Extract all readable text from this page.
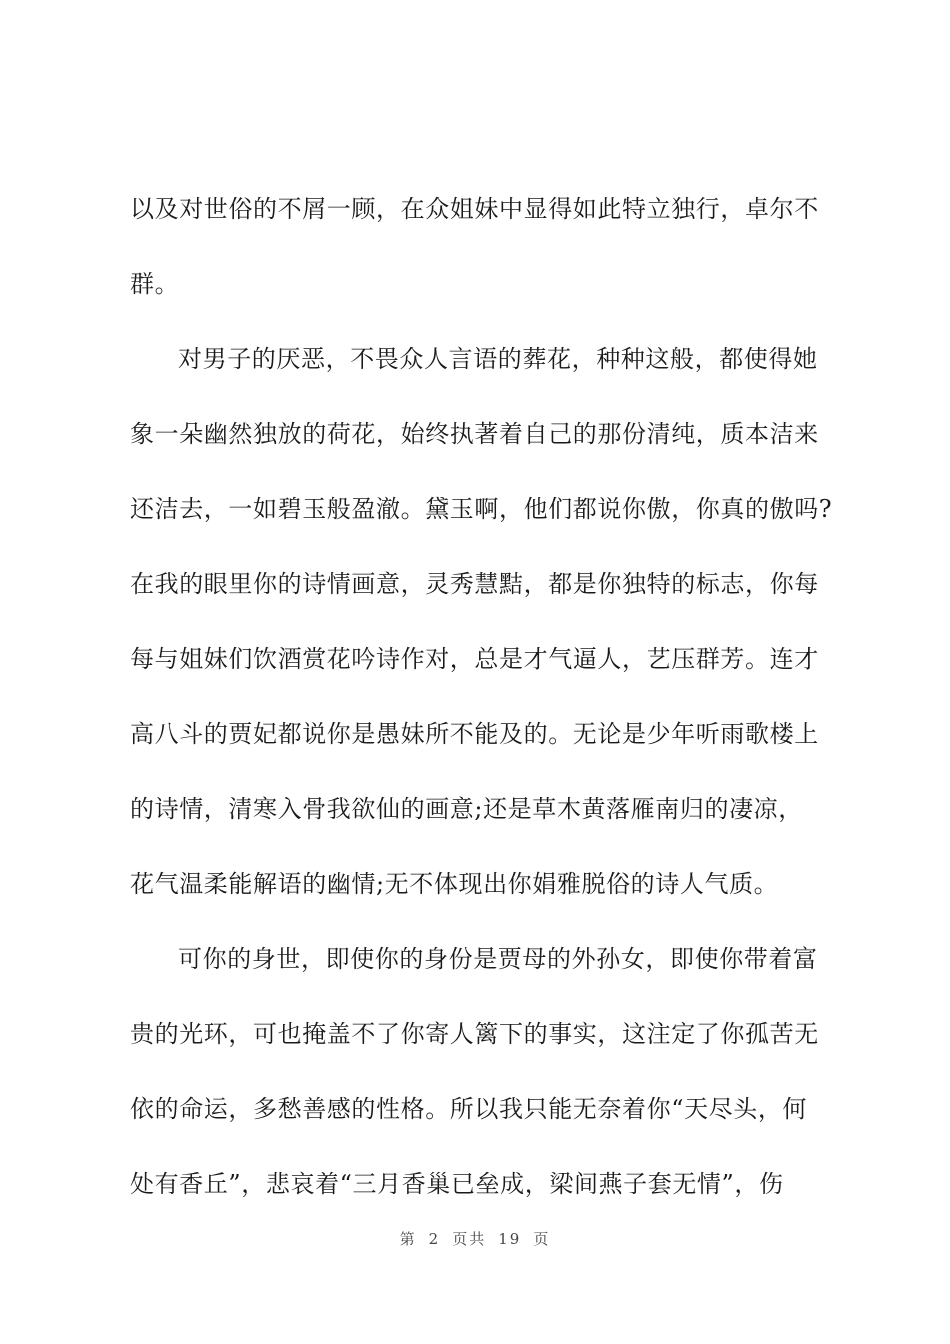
以及对世俗的不屑一顾，在众姐妹中显得如此特立独行，卓尔不
群。
对男子的厌恶，不畏众人言语的葬花，种种这般，都使得她
象一朵幽然独放的荷花，始终执著着自己的那份清纯，质本洁来
还洁去，一如碧玉般盈澈。黛玉啊，他们都说你傲，你真的傲吗?
在我的眼里你的诗情画意，灵秀慧黠，都是你独特的标志，你每
每与姐妹们饮酒赏花吟诗作对，总是才气逼人，艺压群芳。连才
高八斗的贾妃都说你是愚妹所不能及的。无论是少年听雨歌楼上
的诗情，清寒入骨我欲仙的画意;还是草木黄落雁南归的凄凉，
花气温柔能解语的幽情;无不体现出你娟雅脱俗的诗人气质。
可你的身世，即使你的身份是贾母的外孙女，即使你带着富
贵的光环，可也掩盖不了你寄人篱下的事实，这注定了你孤苦无
依的命运，多愁善感的性格。所以我只能无奈着你“天尽头，何
处有香丘”，悲哀着“三月香巢已垒成，梁间燕子套无情”，伤
第 2 页共 19 页
